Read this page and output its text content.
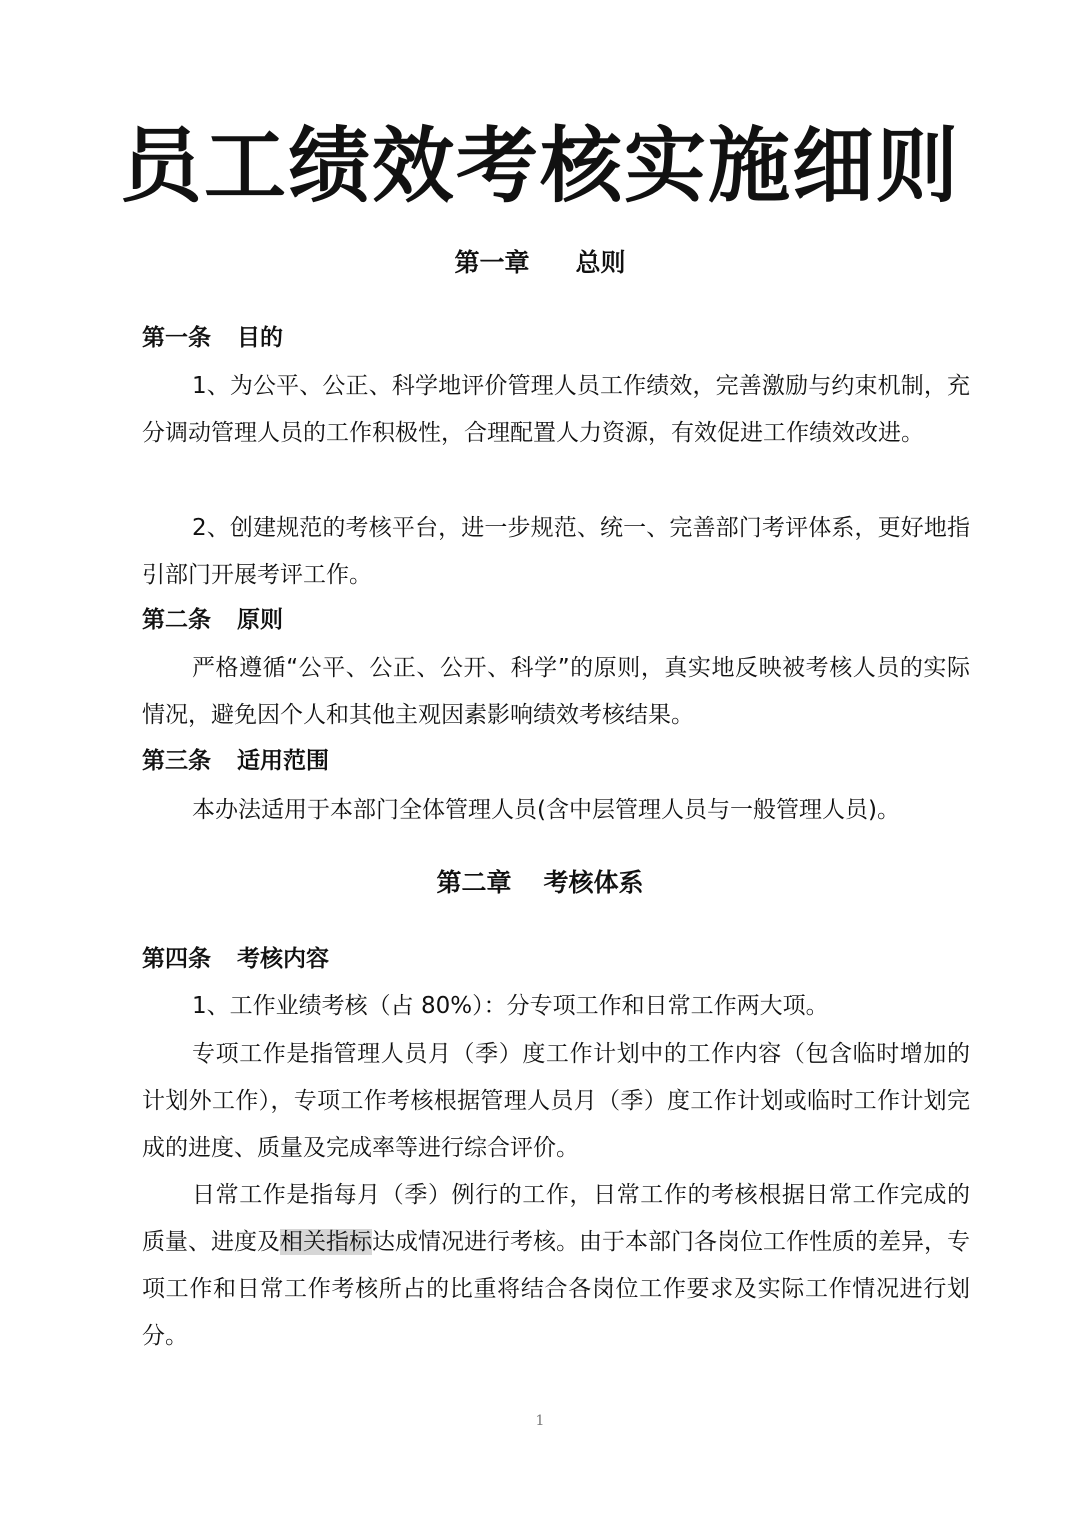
员工绩效考核实施细则
第一章 总则
第一条 目的

1、为公平、公正、科学地评价管理人员工作绩效，完善激励与约束机制，充分调动管理人员的工作积极性，合理配置人力资源，有效促进工作绩效改进。

2、创建规范的考核平台，进一步规范、统一、完善部门考评体系，更好地指引部门开展考评工作。

第二条 原则

严格遵循“公平、公正、公开、科学”的原则，真实地反映被考核人员的实际情况，避免因个人和其他主观因素影响绩效考核结果。

第三条 适用范围

本办法适用于本部门全体管理人员(含中层管理人员与一般管理人员)。

第二章 考核体系
第四条 考核内容

1、工作业绩考核（占 80%）：分专项工作和日常工作两大项。

专项工作是指管理人员月（季）度工作计划中的工作内容（包含临时增加的计划外工作），专项工作考核根据管理人员月（季）度工作计划或临时工作计划完成的进度、质量及完成率等进行综合评价。

日常工作是指每月（季）例行的工作，日常工作的考核根据日常工作完成的质量、进度及相关指标达成情况进行考核。由于本部门各岗位工作性质的差异，专项工作和日常工作考核所占的比重将结合各岗位工作要求及实际工作情况进行划分。

1
